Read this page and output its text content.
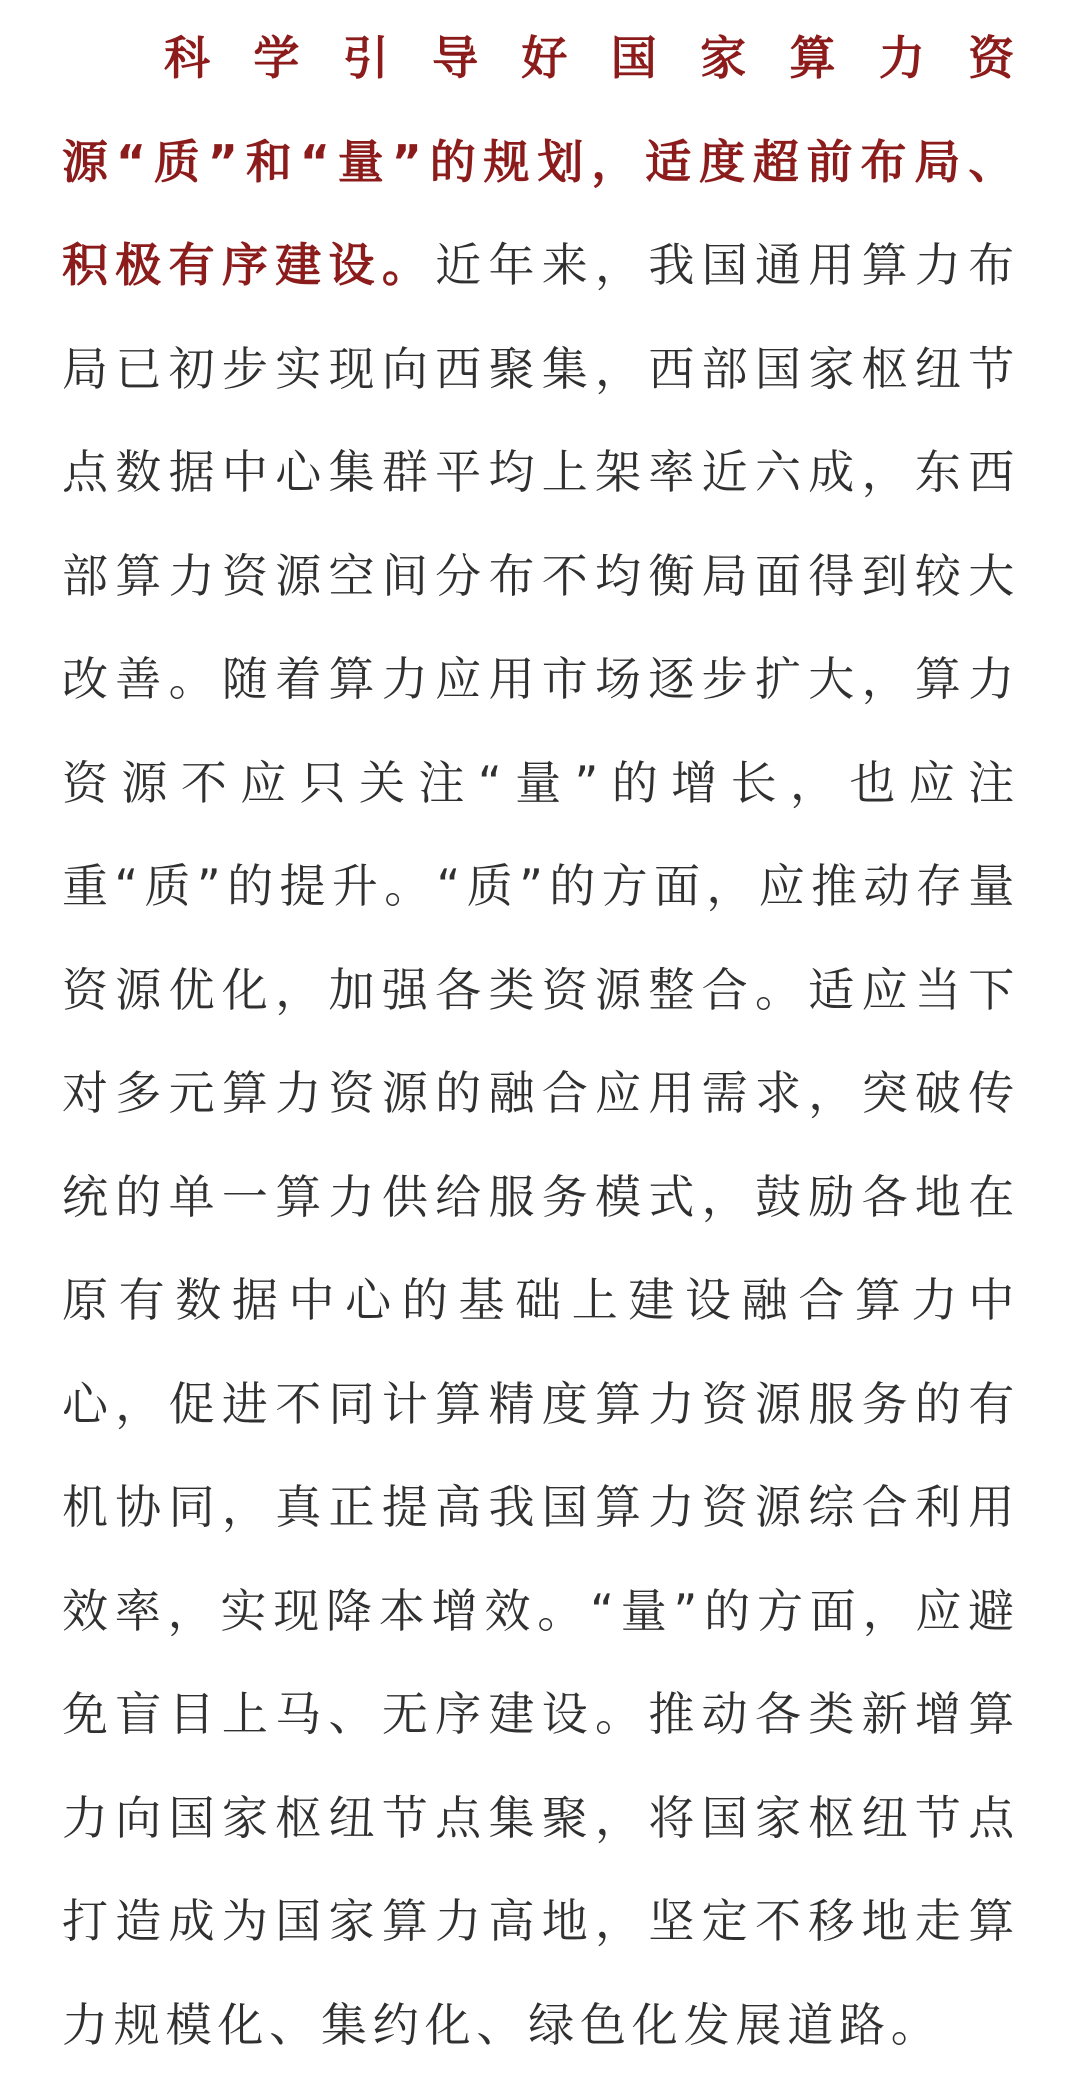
科学引导好国家算力资源“质”和“量”的规划，适度超前布局、积极有序建设。近年来，我国通用算力布局已初步实现向西聚集，西部国家枢纽节点数据中心集群平均上架率近六成，东西部算力资源空间分布不均衡局面得到较大改善。随着算力应用市场逐步扩大，算力资源不应只关注“量”的增长，也应注重“质”的提升。“质”的方面，应推动存量资源优化，加强各类资源整合。适应当下对多元算力资源的融合应用需求，突破传统的单一算力供给服务模式，鼓励各地在原有数据中心的基础上建设融合算力中心，促进不同计算精度算力资源服务的有机协同，真正提高我国算力资源综合利用效率，实现降本增效。“量”的方面，应避免盲目上马、无序建设。推动各类新增算力向国家枢纽节点集聚，将国家枢纽节点打造成为国家算力高地，坚定不移地走算力规模化、集约化、绿色化发展道路。
